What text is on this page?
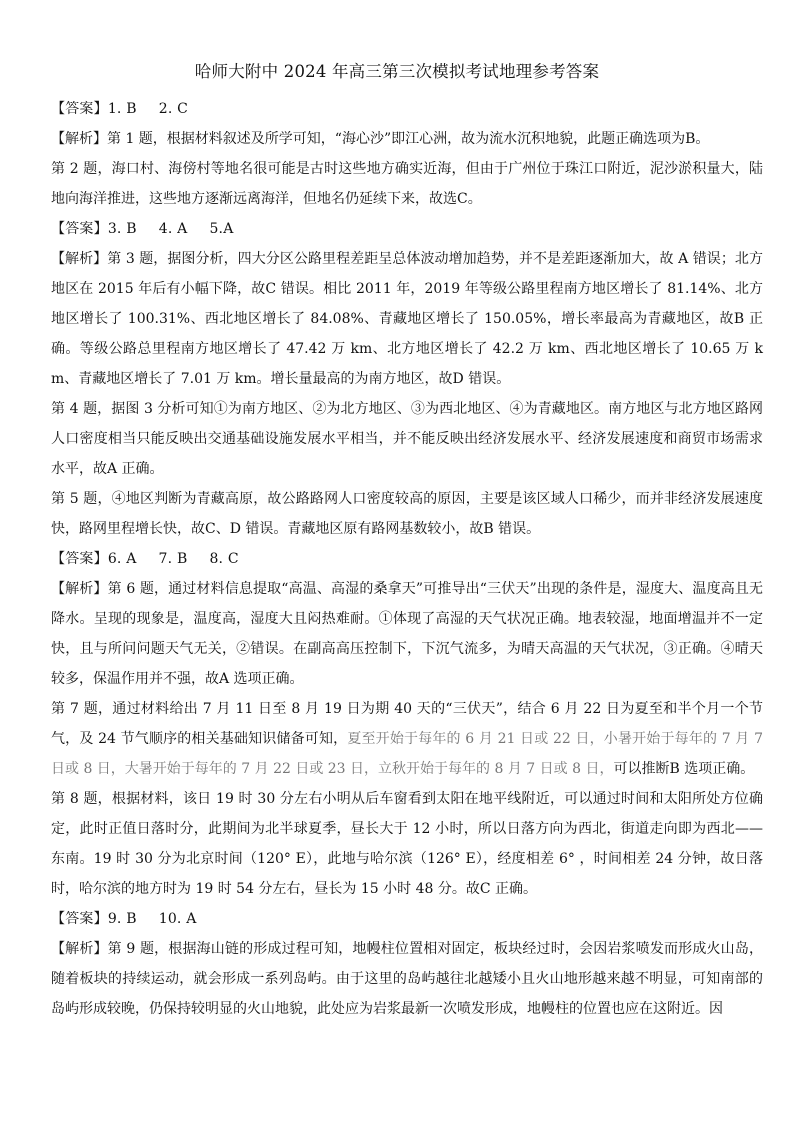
哈师大附中 2024 年高三第三次模拟考试地理参考答案

【答案】1. B 2. C

【解析】第 1 题，根据材料叙述及所学可知，“海心沙”即江心洲，故为流水沉积地貌，此题正确选项为B。

第 2 题，海口村、海傍村等地名很可能是古时这些地方确实近海，但由于广州位于珠江口附近，泥沙淤积量大，陆地向海洋推进，这些地方逐渐远离海洋，但地名仍延续下来，故选C。

【答案】3. B 4. A 5.A

【解析】第 3 题，据图分析，四大分区公路里程差距呈总体波动增加趋势，并不是差距逐渐加大，故 A 错误；北方地区在 2015 年后有小幅下降，故C 错误。相比 2011 年，2019 年等级公路里程南方地区增长了 81.14%、北方地区增长了 100.31%、西北地区增长了 84.08%、青藏地区增长了 150.05%，增长率最高为青藏地区，故B 正确。等级公路总里程南方地区增长了 47.42 万 km、北方地区增长了 42.2 万 km、西北地区增长了 10.65 万 km、青藏地区增长了 7.01 万 km。增长量最高的为南方地区，故D 错误。

第 4 题，据图 3 分析可知①为南方地区、②为北方地区、③为西北地区、④为青藏地区。南方地区与北方地区路网人口密度相当只能反映出交通基础设施发展水平相当，并不能反映出经济发展水平、经济发展速度和商贸市场需求水平，故A 正确。

第 5 题，④地区判断为青藏高原，故公路路网人口密度较高的原因，主要是该区域人口稀少，而并非经济发展速度快，路网里程增长快，故C、D 错误。青藏地区原有路网基数较小，故B 错误。

【答案】6. A 7. B 8. C

【解析】第 6 题，通过材料信息提取“高温、高湿的桑拿天”可推导出“三伏天”出现的条件是，湿度大、温度高且无降水。呈现的现象是，温度高，湿度大且闷热难耐。①体现了高湿的天气状况正确。地表较湿，地面增温并不一定快，且与所问问题天气无关，②错误。在副高高压控制下，下沉气流多，为晴天高温的天气状况，③正确。④晴天较多，保温作用并不强，故A 选项正确。

第 7 题，通过材料给出 7 月 11 日至 8 月 19 日为期 40 天的“三伏天”，结合 6 月 22 日为夏至和半个月一个节气，及 24 节气顺序的相关基础知识储备可知，夏至开始于每年的 6 月 21 日或 22 日，小暑开始于每年的 7 月 7 日或 8 日，大暑开始于每年的 7 月 22 日或 23 日，立秋开始于每年的 8 月 7 日或 8 日，可以推断B 选项正确。

第 8 题，根据材料，该日 19 时 30 分左右小明从后车窗看到太阳在地平线附近，可以通过时间和太阳所处方位确定，此时正值日落时分，此期间为北半球夏季，昼长大于 12 小时，所以日落方向为西北，街道走向即为西北——东南。19 时 30 分为北京时间（120° E），此地与哈尔滨（126° E），经度相差 6° ，时间相差 24 分钟，故日落时，哈尔滨的地方时为 19 时 54 分左右，昼长为 15 小时 48 分。故C 正确。

【答案】9. B 10. A

【解析】第 9 题，根据海山链的形成过程可知，地幔柱位置相对固定，板块经过时，会因岩浆喷发而形成火山岛，随着板块的持续运动，就会形成一系列岛屿。由于这里的岛屿越往北越矮小且火山地形越来越不明显，可知南部的岛屿形成较晚，仍保持较明显的火山地貌，此处应为岩浆最新一次喷发形成，地幔柱的位置也应在这附近。因
